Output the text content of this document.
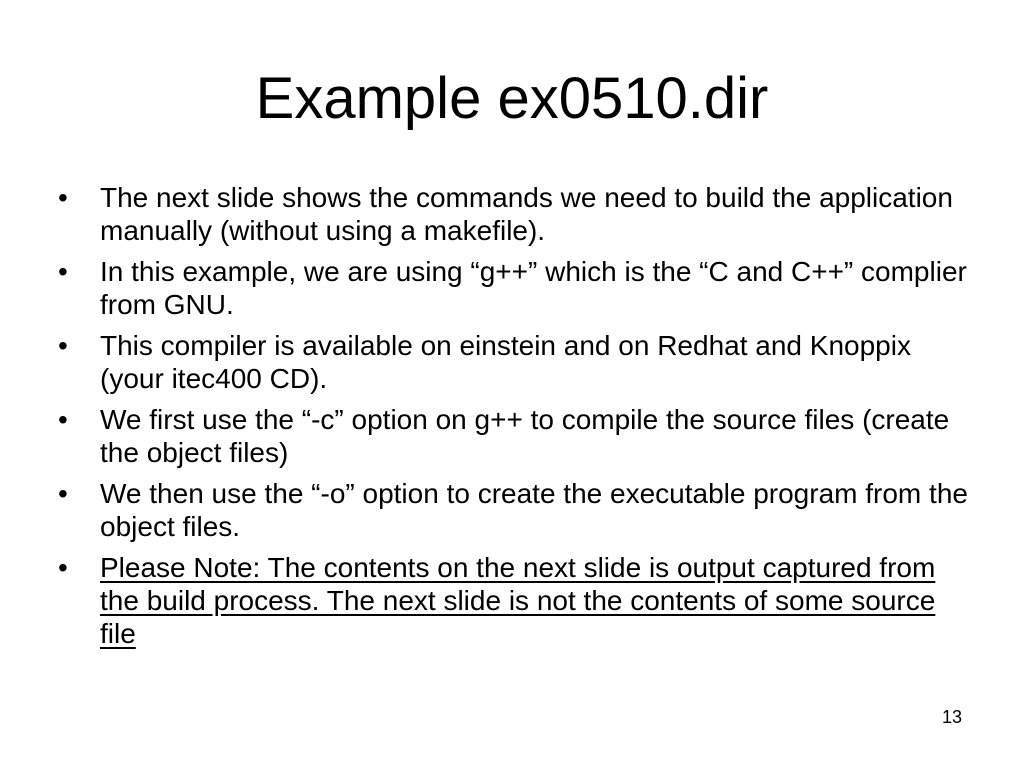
Example ex0510.dir
•	The next slide shows the commands we need to build the application manually (without using a makefile).
•	In this example, we are using “g++” which is the “C and C++” complier from GNU.
•	This compiler is available on einstein and on Redhat and Knoppix (your itec400 CD).
•	We first use the “-c” option on g++ to compile the source files (create the object files)
•	We then use the “-o” option to create the executable program from the object files.
•	Please Note: The contents on the next slide is output captured from the build process. The next slide is not the contents of some source file
13
